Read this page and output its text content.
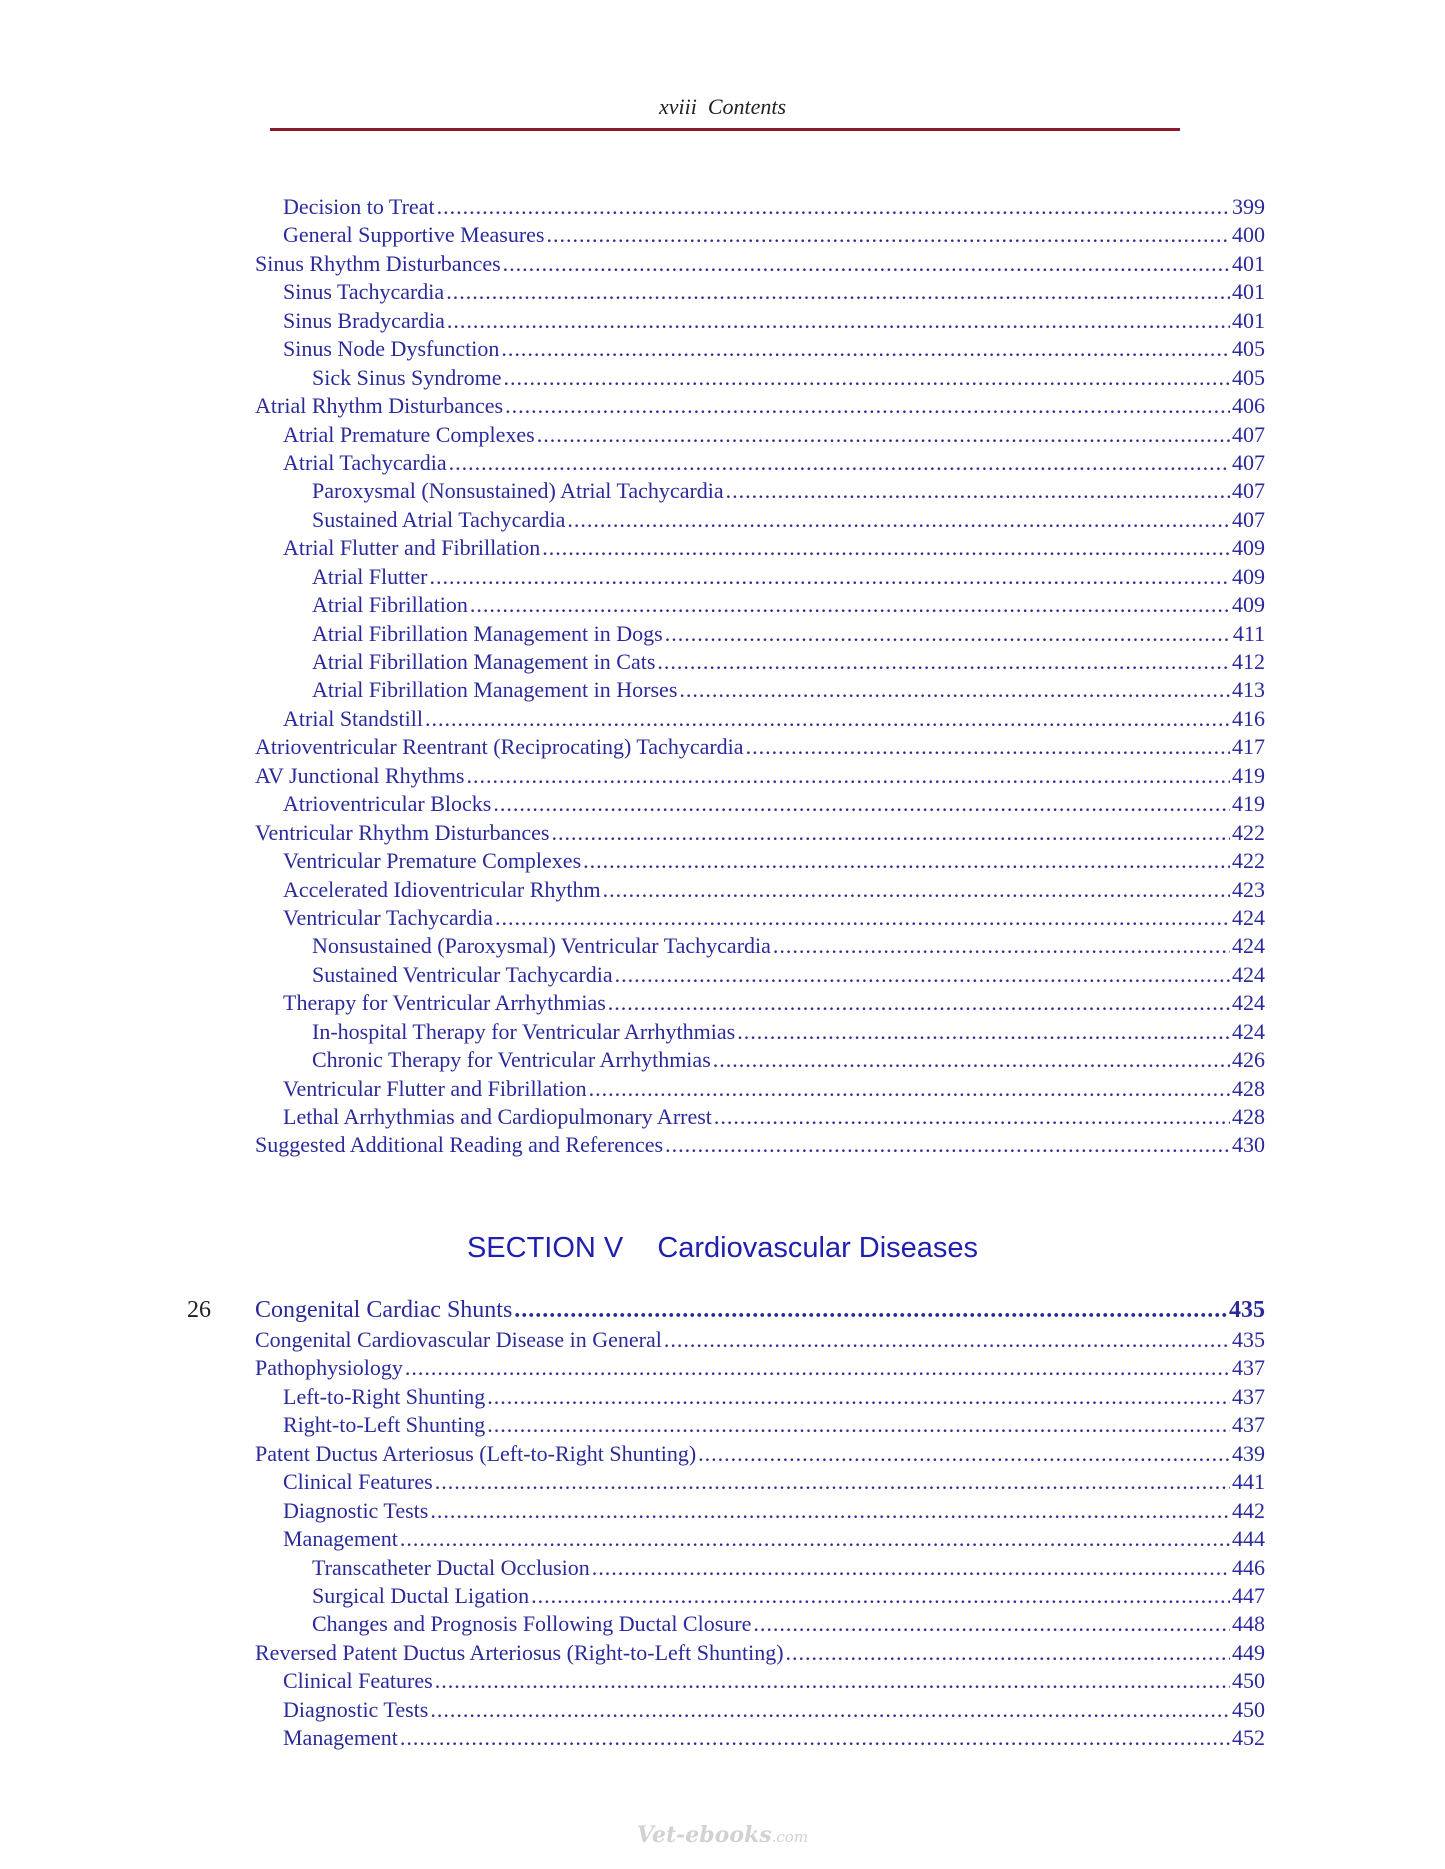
xviii Contents
Decision to Treat .....	399
General Supportive Measures .....	400
Sinus Rhythm Disturbances .....	401
Sinus Tachycardia .....	401
Sinus Bradycardia .....	401
Sinus Node Dysfunction .....	405
Sick Sinus Syndrome .....	405
Atrial Rhythm Disturbances .....	406
Atrial Premature Complexes .....	407
Atrial Tachycardia .....	407
Paroxysmal (Nonsustained) Atrial Tachycardia .....	407
Sustained Atrial Tachycardia .....	407
Atrial Flutter and Fibrillation .....	409
Atrial Flutter .....	409
Atrial Fibrillation .....	409
Atrial Fibrillation Management in Dogs .....	411
Atrial Fibrillation Management in Cats .....	412
Atrial Fibrillation Management in Horses .....	413
Atrial Standstill .....	416
Atrioventricular Reentrant (Reciprocating) Tachycardia .....	417
AV Junctional Rhythms .....	419
Atrioventricular Blocks .....	419
Ventricular Rhythm Disturbances .....	422
Ventricular Premature Complexes .....	422
Accelerated Idioventricular Rhythm .....	423
Ventricular Tachycardia .....	424
Nonsustained (Paroxysmal) Ventricular Tachycardia .....	424
Sustained Ventricular Tachycardia .....	424
Therapy for Ventricular Arrhythmias .....	424
In-hospital Therapy for Ventricular Arrhythmias .....	424
Chronic Therapy for Ventricular Arrhythmias .....	426
Ventricular Flutter and Fibrillation .....	428
Lethal Arrhythmias and Cardiopulmonary Arrest .....	428
Suggested Additional Reading and References .....	430
SECTION V Cardiovascular Diseases
26	Congenital Cardiac Shunts .....	435
Congenital Cardiovascular Disease in General .....	435
Pathophysiology .....	437
Left-to-Right Shunting .....	437
Right-to-Left Shunting .....	437
Patent Ductus Arteriosus (Left-to-Right Shunting) .....	439
Clinical Features .....	441
Diagnostic Tests .....	442
Management .....	444
Transcatheter Ductal Occlusion .....	446
Surgical Ductal Ligation .....	447
Changes and Prognosis Following Ductal Closure .....	448
Reversed Patent Ductus Arteriosus (Right-to-Left Shunting) .....	449
Clinical Features .....	450
Diagnostic Tests .....	450
Management .....	452
Vet-ebooks.com
